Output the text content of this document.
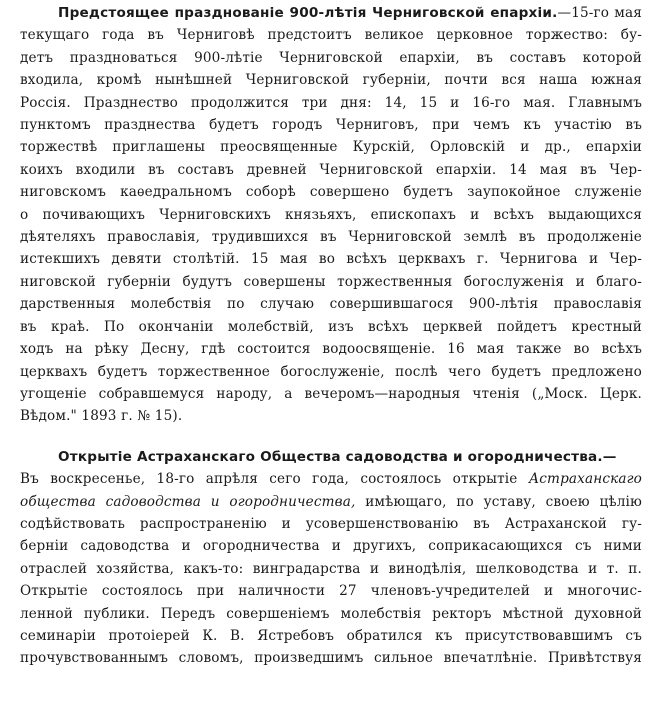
Предстоящее празднованіе 900-лѣтія Черниговской епархіи.—15-го мая
текущаго года въ Черниговѣ предстоитъ великое церковное торжество: бу-
детъ праздноваться 900-лѣтіе Черниговской епархіи, въ составъ которой
входила, кромѣ нынѣшней Черниговской губерніи, почти вся наша южная
Россія. Празднество продолжится три дня: 14, 15 и 16-го мая. Главнымъ
пунктомъ празднества будетъ городъ Черниговъ, при чемъ къ участію въ
торжествѣ приглашены преосвященные Курскій, Орловскій и др., епархіи
коихъ входили въ составъ древней Черниговской епархіи. 14 мая въ Чер-
ниговскомъ каѳедральномъ соборѣ совершено будетъ заупокойное служеніе
о почивающихъ Черниговскихъ князьяхъ, епископахъ и всѣхъ выдающихся
дѣятеляхъ православія, трудившихся въ Черниговской землѣ въ продолженіе
истекшихъ девяти столѣтій. 15 мая во всѣхъ церквахъ г. Чернигова и Чер-
ниговской губерніи будутъ совершены торжественныя богослуженія и благо-
дарственныя молебствія по случаю совершившагося 900-лѣтія православія
въ краѣ. По окончаніи молебствій, изъ всѣхъ церквей пойдетъ крестный
ходъ на рѣку Десну, гдѣ состоится водоосвященіе. 16 мая также во всѣхъ
церквахъ будетъ торжественное богослуженіе, послѣ чего будетъ предложено
угощеніе собравшемуся народу, а вечеромъ—народныя чтенія („Моск. Церк.
Вѣдом." 1893 г. № 15).
Открытіе Астраханскаго Общества садоводства и огородничества.—
Въ воскресенье, 18-го апрѣля сего года, состоялось открытіе Астраханскаго
общества садоводства и огородничества, имѣющаго, по уставу, своею цѣлію
содѣйствовать распространенію и усовершенствованію въ Астраханской гу-
берніи садоводства и огородничества и другихъ, соприкасающихся съ ними
отраслей хозяйства, какъ-то: винградарства и винодѣлія, шелководства и т. п.
Открытіе состоялось при наличности 27 членовъ-учредителей и многочис-
ленной публики. Передъ совершеніемъ молебствія ректоръ мѣстной духовной
семинаріи протоіерей К. В. Ястребовъ обратился къ присутствовавшимъ съ
прочувствованнымъ словомъ, произведшимъ сильное впечатлѣніе. Привѣтствуя
